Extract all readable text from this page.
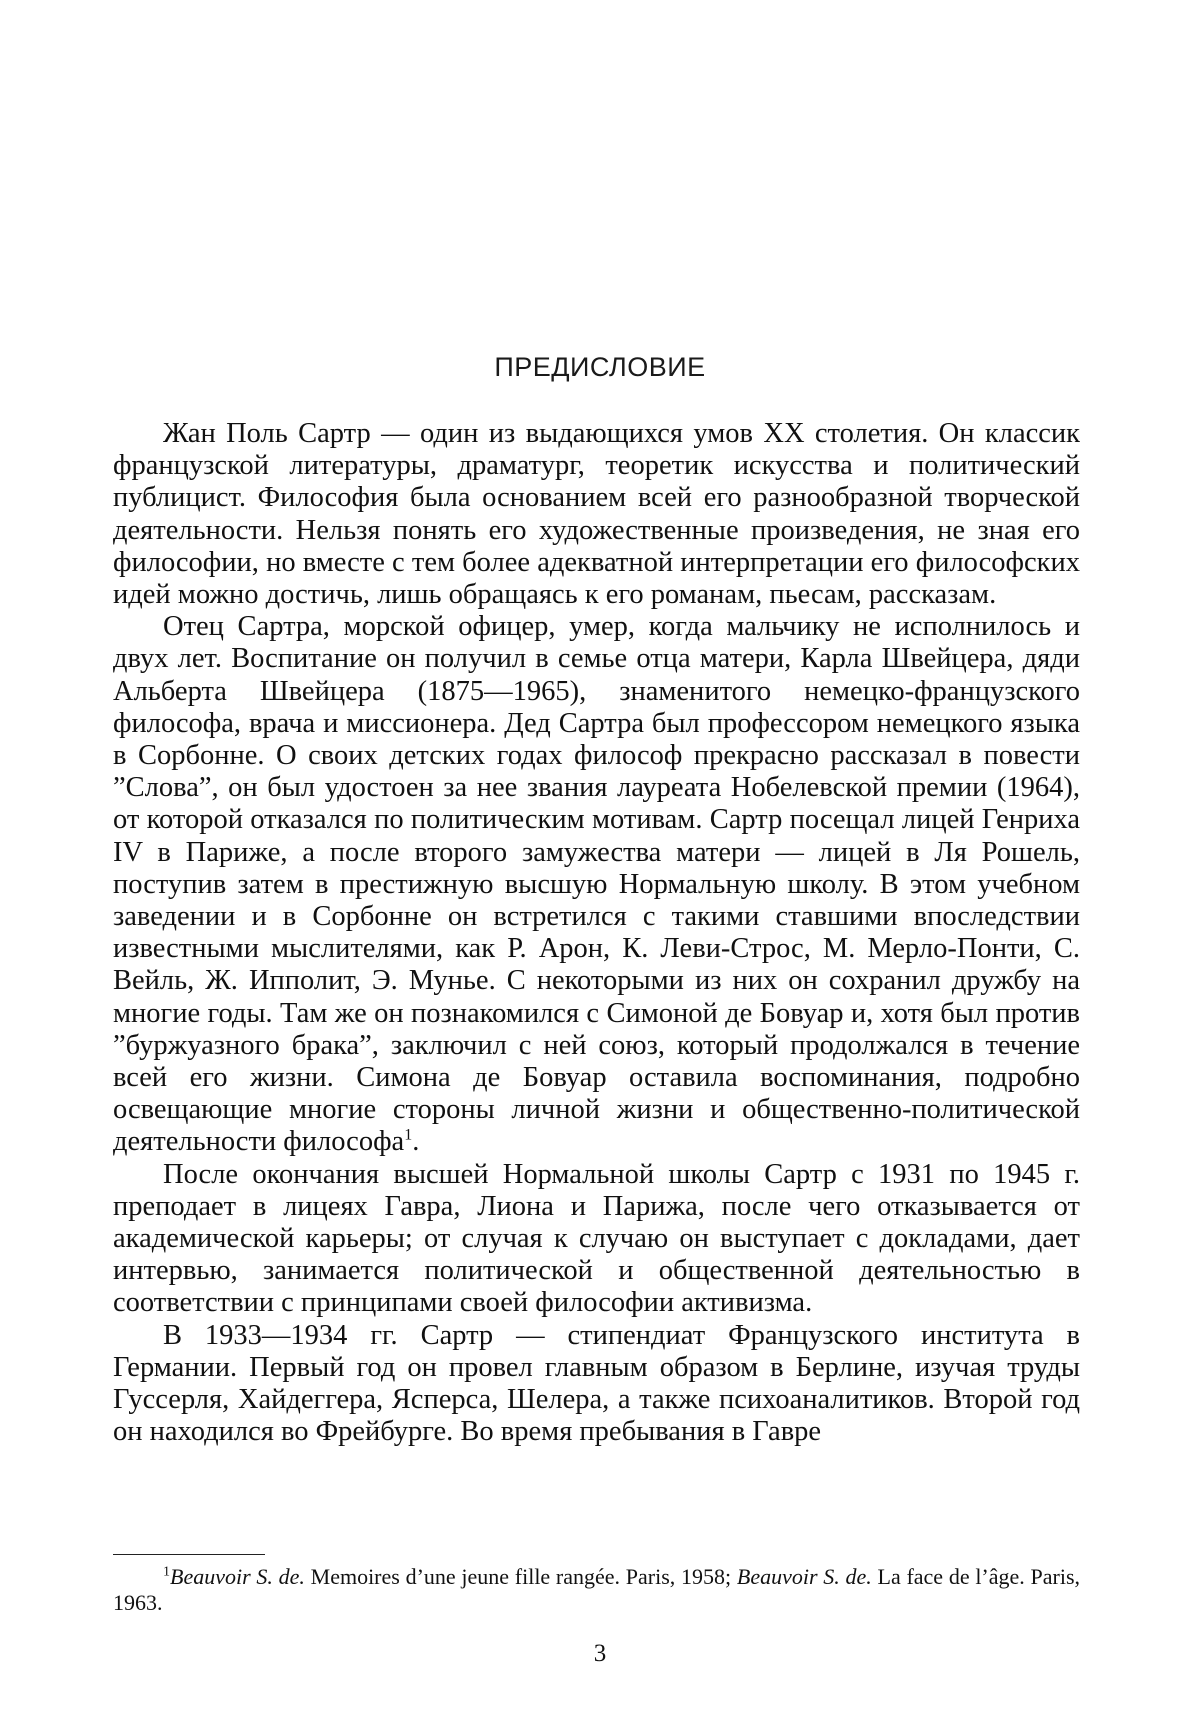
ПРЕДИСЛОВИЕ

Жан Поль Сартр — один из выдающихся умов XX столетия. Он классик французской литературы, драматург, теоретик искусства и политический публицист. Философия была основанием всей его разнообразной творческой деятельности. Нельзя понять его художественные произведения, не зная его философии, но вместе с тем более адекватной интерпретации его философских идей можно достичь, лишь обращаясь к его романам, пьесам, рассказам.

Отец Сартра, морской офицер, умер, когда мальчику не исполнилось и двух лет. Воспитание он получил в семье отца матери, Карла Швейцера, дяди Альберта Швейцера (1875—1965), знаменитого немецко-французского философа, врача и миссионера. Дед Сартра был профессором немецкого языка в Сорбонне. О своих детских годах философ прекрасно рассказал в повести ”Слова”, он был удостоен за нее звания лауреата Нобелевской премии (1964), от которой отказался по политическим мотивам. Сартр посещал лицей Генриха IV в Париже, а после второго замужества матери — лицей в Ля Рошель, поступив затем в престижную высшую Нормальную школу. В этом учебном заведении и в Сорбонне он встретился с такими ставшими впоследствии известными мыслителями, как Р. Арон, К. Леви-Строс, М. Мерло-Понти, С. Вейль, Ж. Ипполит, Э. Мунье. С некоторыми из них он сохранил дружбу на многие годы. Там же он познакомился с Симоной де Бовуар и, хотя был против ”буржуазного брака”, заключил с ней союз, который продолжался в течение всей его жизни. Симона де Бовуар оставила воспоминания, подробно освещающие многие стороны личной жизни и общественно-политической деятельности философа$^1$.

После окончания высшей Нормальной школы Сартр с 1931 по 1945 г. преподает в лицеях Гавра, Лиона и Парижа, после чего отказывается от академической карьеры; от случая к случаю он выступает с докладами, дает интервью, занимается политической и общественной деятельностью в соответствии с принципами своей философии активизма.

В 1933—1934 гг. Сартр — стипендиат Французского института в Германии. Первый год он провел главным образом в Берлине, изучая труды Гуссерля, Хайдеггера, Ясперса, Шелера, а также психоаналитиков. Второй год он находился во Фрейбурге. Во время пребывания в Гавре

$^1$Beauvoir S. de. Memoires d’une jeune fille rangée. Paris, 1958; Beauvoir S. de. La face de l’âge. Paris, 1963.
3
